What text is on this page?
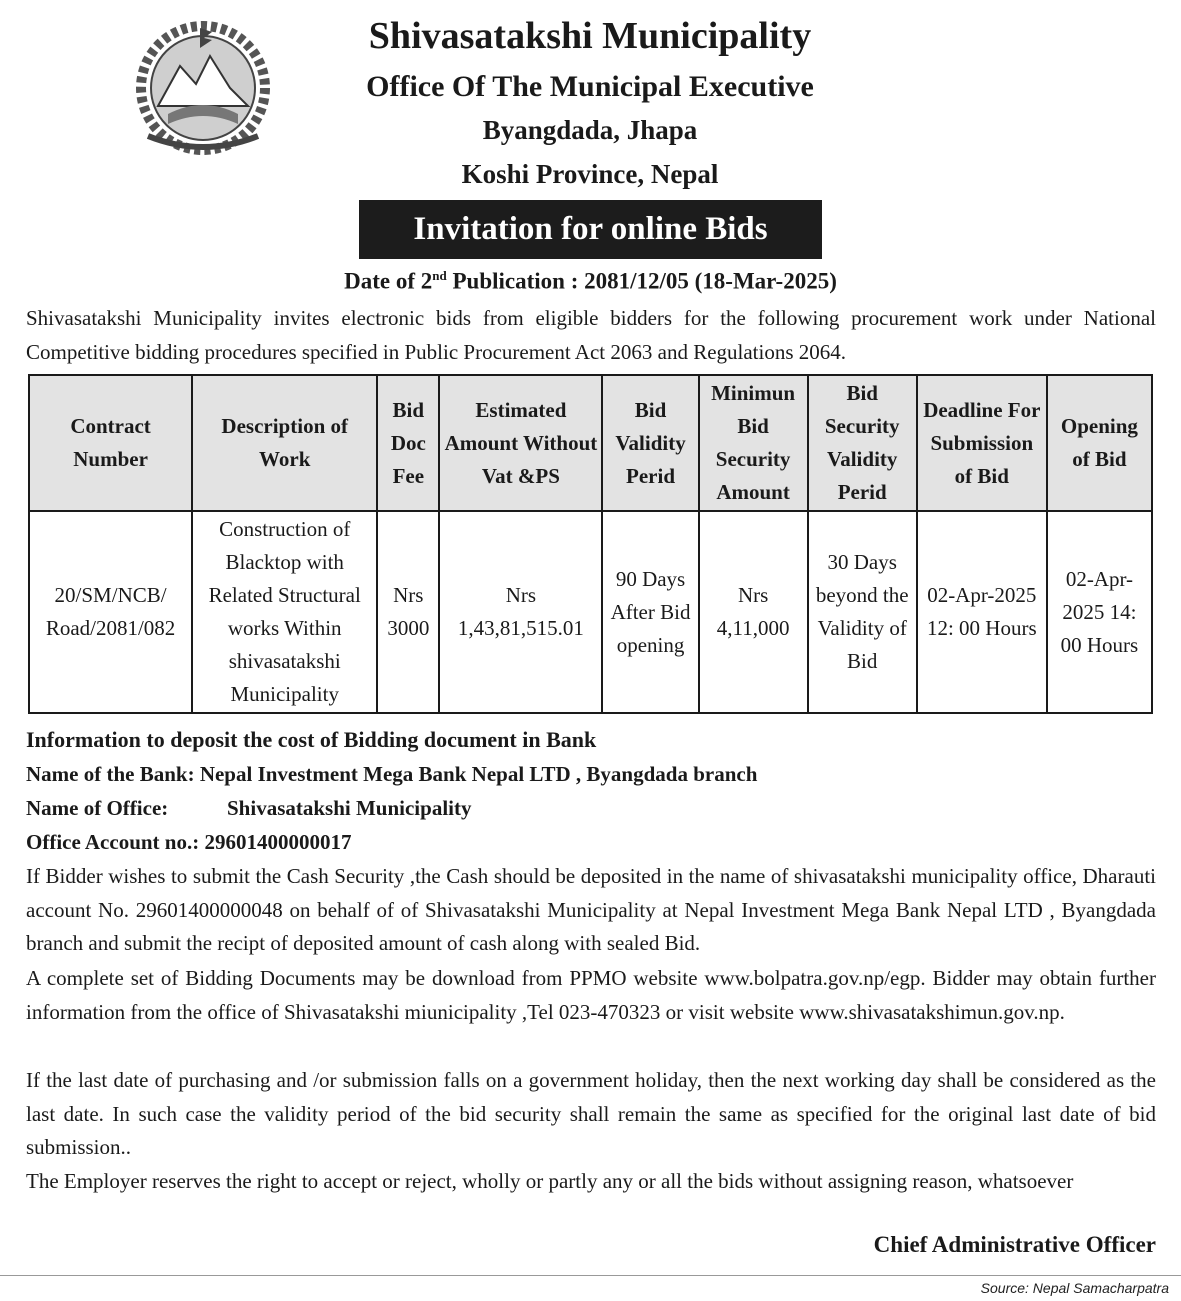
Shivasatakshi Municipality
Office Of The Municipal Executive
Byangdada, Jhapa
Koshi Province, Nepal
Invitation for online Bids
Date of 2nd Publication : 2081/12/05 (18-Mar-2025)
Shivasatakshi Municipality invites electronic bids from eligible bidders for the following procurement work under National Competitive bidding procedures specified in Public Procurement Act 2063 and Regulations 2064.
Contract Number	Description of Work	Bid Doc Fee	Estimated Amount Without Vat &PS	Bid Validity Perid	Minimun Bid Security Amount	Bid Security Validity Perid	Deadline For Submission of Bid	Opening of Bid
20/SM/NCB/ Road/2081/082	Construction of Blacktop with Related Structural works Within shivasatakshi Municipality	Nrs 3000	Nrs 1,43,81,515.01	90 Days After Bid opening	Nrs 4,11,000	30 Days beyond the Validity of Bid	02-Apr-2025 12: 00 Hours	02-Apr-2025 14: 00 Hours
Information to deposit the cost of Bidding document in Bank
Name of the Bank: Nepal Investment Mega Bank Nepal LTD , Byangdada branch
Name of Office:	Shivasatakshi Municipality
Office Account no.: 29601400000017
If Bidder wishes to submit the Cash Security ,the Cash should be deposited in the name of shivasatakshi municipality office, Dharauti account No. 29601400000048 on behalf of of Shivasatakshi Municipality at Nepal Investment Mega Bank Nepal LTD , Byangdada branch and submit the recipt of deposited amount of cash along with sealed Bid.
A complete set of Bidding Documents may be download from PPMO website www.bolpatra.gov.np/egp. Bidder may obtain further information from the office of Shivasatakshi miunicipality ,Tel 023-470323 or visit website www.shivasatakshimun.gov.np.
If the last date of purchasing and /or submission falls on a government holiday, then the next working day shall be considered as the last date. In such case the validity period of the bid security shall remain the same as specified for the original last date of bid submission..
The Employer reserves the right to accept or reject, wholly or partly any or all the bids without assigning reason, whatsoever
Chief Administrative Officer
Source: Nepal Samacharpatra
